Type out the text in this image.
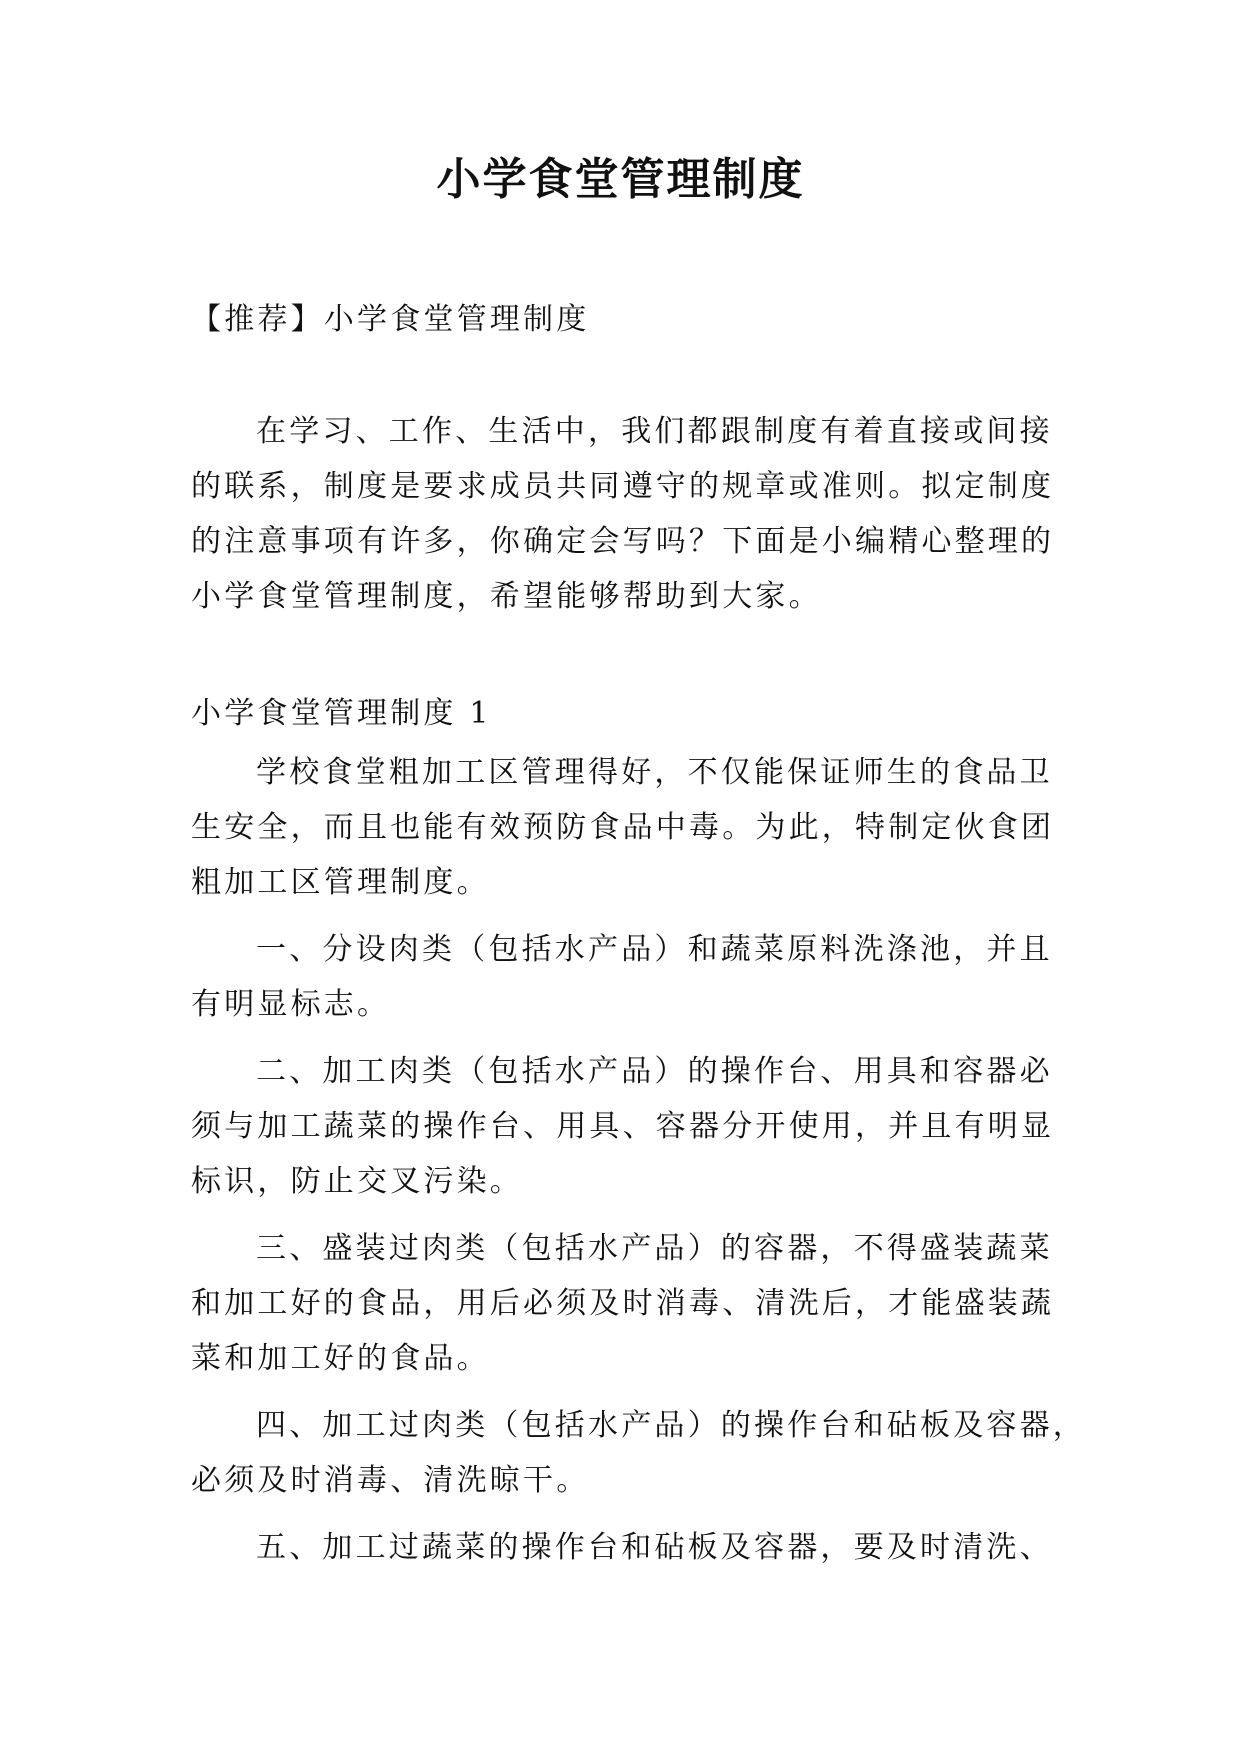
小学食堂管理制度
【推荐】小学食堂管理制度
在学习、工作、生活中，我们都跟制度有着直接或间接
的联系，制度是要求成员共同遵守的规章或准则。拟定制度
的注意事项有许多，你确定会写吗？下面是小编精心整理的
小学食堂管理制度，希望能够帮助到大家。
小学食堂管理制度 1
学校食堂粗加工区管理得好，不仅能保证师生的食品卫
生安全，而且也能有效预防食品中毒。为此，特制定伙食团
粗加工区管理制度。
一、分设肉类（包括水产品）和蔬菜原料洗涤池，并且
有明显标志。
二、加工肉类（包括水产品）的操作台、用具和容器必
须与加工蔬菜的操作台、用具、容器分开使用，并且有明显
标识，防止交叉污染。
三、盛装过肉类（包括水产品）的容器，不得盛装蔬菜
和加工好的食品，用后必须及时消毒、清洗后，才能盛装蔬
菜和加工好的食品。
四、加工过肉类（包括水产品）的操作台和砧板及容器，
必须及时消毒、清洗晾干。
五、加工过蔬菜的操作台和砧板及容器，要及时清洗、
